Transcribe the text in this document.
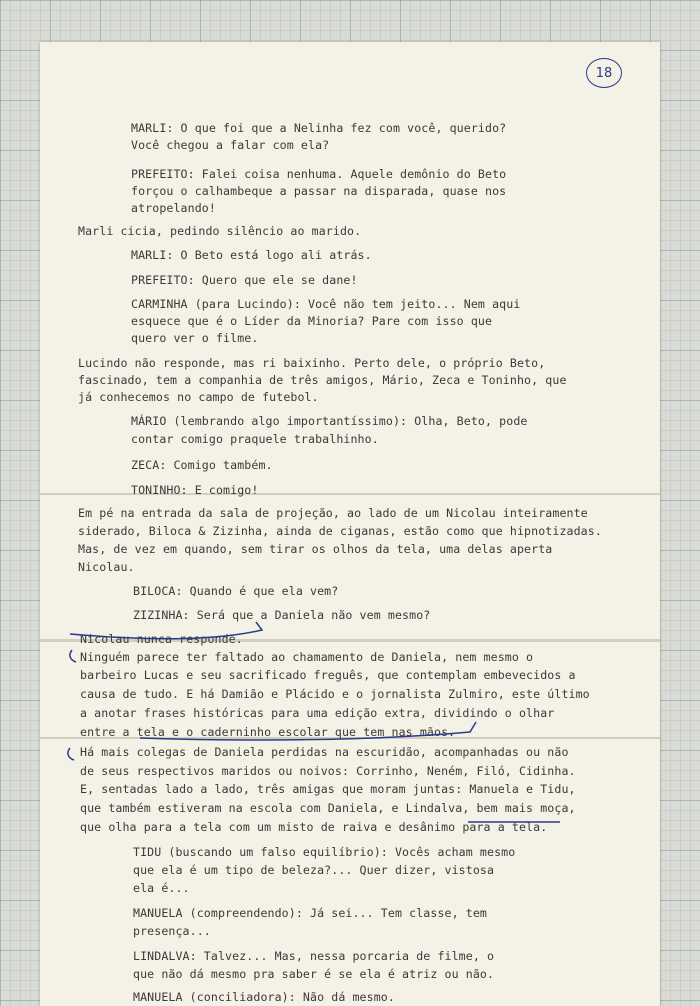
18
MARLI: O que foi que a Nelinha fez com você, querido?
Você chegou a falar com ela?
PREFEITO: Falei coisa nenhuma. Aquele demônio do Beto
forçou o calhambeque a passar na disparada, quase nos
atropelando!
Marli cicia, pedindo silêncio ao marido.
MARLI: O Beto está logo ali atrás.
PREFEITO: Quero que ele se dane!
CARMINHA (para Lucindo): Você não tem jeito... Nem aqui
esquece que é o Líder da Minoria? Pare com isso que
quero ver o filme.
Lucindo não responde, mas ri baixinho. Perto dele, o próprio Beto,
fascinado, tem a companhia de três amigos, Mário, Zeca e Toninho, que
já conhecemos no campo de futebol.
MÁRIO (lembrando algo importantíssimo): Olha, Beto, pode
contar comigo praquele trabalhinho.
ZECA: Comigo também.
TONINHO: E comigo!
Em pé na entrada da sala de projeção, ao lado de um Nicolau inteiramente
siderado, Biloca & Zizinha, ainda de ciganas, estão como que hipnotizadas.
Mas, de vez em quando, sem tirar os olhos da tela, uma delas aperta
Nicolau.
BILOCA: Quando é que ela vem?
ZIZINHA: Será que a Daniela não vem mesmo?
Nicolau nunca responde.
Ninguém parece ter faltado ao chamamento de Daniela, nem mesmo o
barbeiro Lucas e seu sacrificado freguês, que contemplam embevecidos a
causa de tudo. E há Damião e Plácido e o jornalista Zulmiro, este último
a anotar frases históricas para uma edição extra, dividindo o olhar
entre a tela e o caderninho escolar que tem nas mãos.
Há mais colegas de Daniela perdidas na escuridão, acompanhadas ou não
de seus respectivos maridos ou noivos: Corrinho, Neném, Filó, Cidinha.
E, sentadas lado a lado, três amigas que moram juntas: Manuela e Tidu,
que também estiveram na escola com Daniela, e Lindalva, bem mais moça,
que olha para a tela com um misto de raiva e desânimo para a tela.
TIDU (buscando um falso equilíbrio): Vocês acham mesmo
que ela é um tipo de beleza?... Quer dizer, vistosa
ela é...
MANUELA (compreendendo): Já sei... Tem classe, tem
presença...
LINDALVA: Talvez... Mas, nessa porcaria de filme, o
que não dá mesmo pra saber é se ela é atriz ou não.
MANUELA (conciliadora): Não dá mesmo.
